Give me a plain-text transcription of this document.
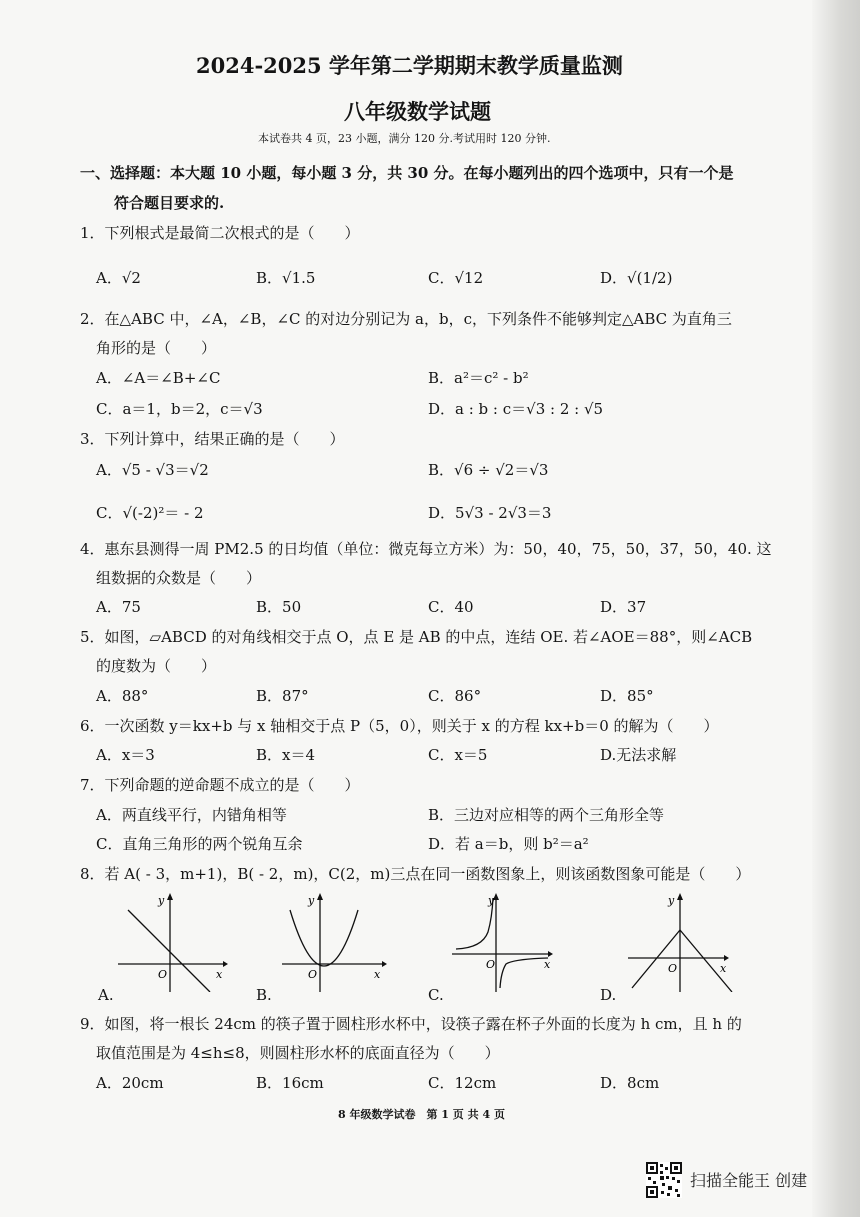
2024-2025 学年第二学期期末教学质量监测
八年级数学试题
本试卷共 4 页，23 小题，满分 120 分.考试用时 120 分钟.
一、选择题：本大题 10 小题，每小题 3 分，共 30 分。在每小题列出的四个选项中，只有一个是
符合题目要求的.
1．下列根式是最简二次根式的是（　　）
A．√2	B．√1.5	C．√12	D．√(1/2)
2．在△ABC 中，∠A，∠B，∠C 的对边分别记为 a，b，c，下列条件不能够判定△ABC 为直角三
角形的是（　　）
A．∠A＝∠B+∠C	B．a²＝c² - b²
C．a＝1，b＝2，c＝√3	D．a : b : c＝√3 : 2 : √5
3．下列计算中，结果正确的是（　　）
A．√5 - √3＝√2	B．√6 ÷ √2＝√3
C．√(-2)²＝ - 2	D．5√3 - 2√3＝3
4．惠东县测得一周 PM2.5 的日均值（单位：微克每立方米）为：50，40，75，50，37，50，40. 这
组数据的众数是（　　）
A．75	B．50	C．40	D．37
5．如图，▱ABCD 的对角线相交于点 O，点 E 是 AB 的中点，连结 OE. 若∠AOE＝88°，则∠ACB
的度数为（　　）
A．88°	B．87°	C．86°	D．85°
6．一次函数 y＝kx+b 与 x 轴相交于点 P（5，0），则关于 x 的方程 kx+b＝0 的解为（　　）
A．x＝3	B．x＝4	C．x＝5	D.无法求解
7．下列命题的逆命题不成立的是（　　）
A．两直线平行，内错角相等	B．三边对应相等的两个三角形全等
C．直角三角形的两个锐角互余	D．若 a＝b，则 b²＝a²
8．若 A( - 3，m+1)，B( - 2，m)，C(2，m)三点在同一函数图象上，则该函数图象可能是（　　）
y
x
O
A.
y
x
O
B.
y
x
O
C.
y
x
O
D.
9．如图，将一根长 24cm 的筷子置于圆柱形水杯中，设筷子露在杯子外面的长度为 h cm，且 h 的
取值范围是为 4≤h≤8，则圆柱形水杯的底面直径为（　　）
A．20cm	B．16cm	C．12cm	D．8cm
8 年级数学试卷　第 1 页 共 4 页
扫描全能王 创建
